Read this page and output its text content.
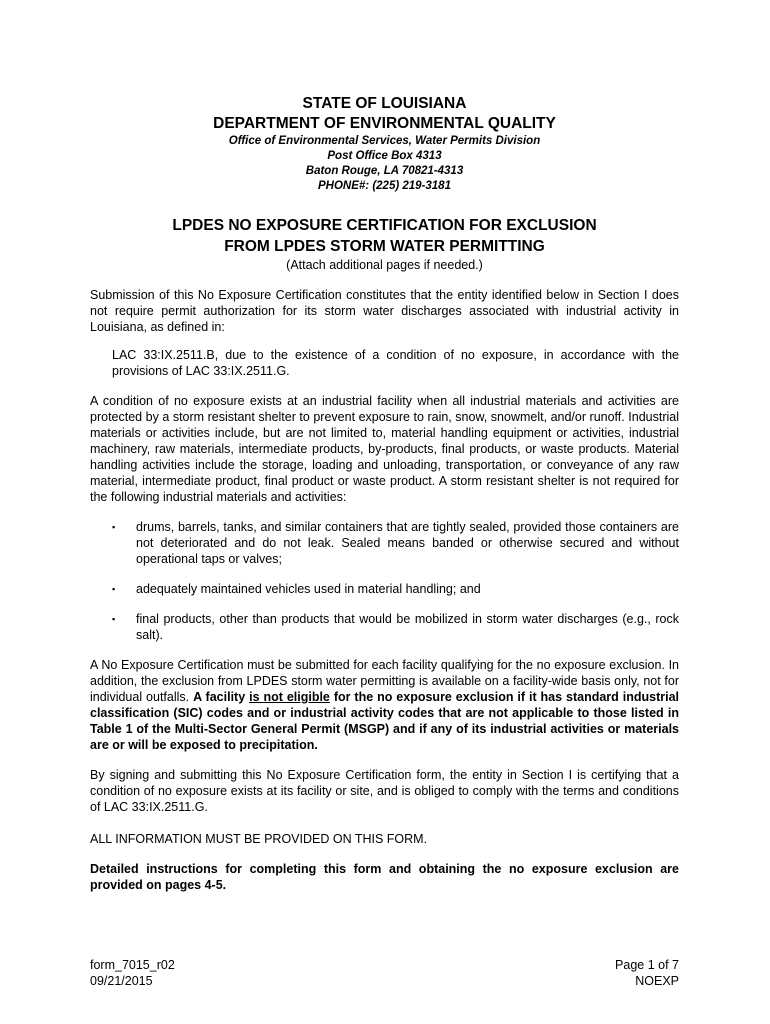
STATE OF LOUISIANA
DEPARTMENT OF ENVIRONMENTAL QUALITY
Office of Environmental Services, Water Permits Division
Post Office Box 4313
Baton Rouge, LA 70821-4313
PHONE#: (225) 219-3181
LPDES NO EXPOSURE CERTIFICATION FOR EXCLUSION
FROM LPDES STORM WATER PERMITTING
(Attach additional pages if needed.)

Submission of this No Exposure Certification constitutes that the entity identified below in Section I does not require permit authorization for its storm water discharges associated with industrial activity in Louisiana, as defined in:

LAC 33:IX.2511.B, due to the existence of a condition of no exposure, in accordance with the provisions of LAC 33:IX.2511.G.

A condition of no exposure exists at an industrial facility when all industrial materials and activities are protected by a storm resistant shelter to prevent exposure to rain, snow, snowmelt, and/or runoff. Industrial materials or activities include, but are not limited to, material handling equipment or activities, industrial machinery, raw materials, intermediate products, by-products, final products, or waste products. Material handling activities include the storage, loading and unloading, transportation, or conveyance of any raw material, intermediate product, final product or waste product. A storm resistant shelter is not required for the following industrial materials and activities:

▪ drums, barrels, tanks, and similar containers that are tightly sealed, provided those containers are not deteriorated and do not leak. Sealed means banded or otherwise secured and without operational taps or valves;
▪ adequately maintained vehicles used in material handling; and
▪ final products, other than products that would be mobilized in storm water discharges (e.g., rock salt).

A No Exposure Certification must be submitted for each facility qualifying for the no exposure exclusion. In addition, the exclusion from LPDES storm water permitting is available on a facility-wide basis only, not for individual outfalls. A facility is not eligible for the no exposure exclusion if it has standard industrial classification (SIC) codes and or industrial activity codes that are not applicable to those listed in Table 1 of the Multi-Sector General Permit (MSGP) and if any of its industrial activities or materials are or will be exposed to precipitation.

By signing and submitting this No Exposure Certification form, the entity in Section I is certifying that a condition of no exposure exists at its facility or site, and is obliged to comply with the terms and conditions of LAC 33:IX.2511.G.

ALL INFORMATION MUST BE PROVIDED ON THIS FORM.

Detailed instructions for completing this form and obtaining the no exposure exclusion are provided on pages 4-5.

form_7015_r02
09/21/2015
Page 1 of 7
NOEXP
